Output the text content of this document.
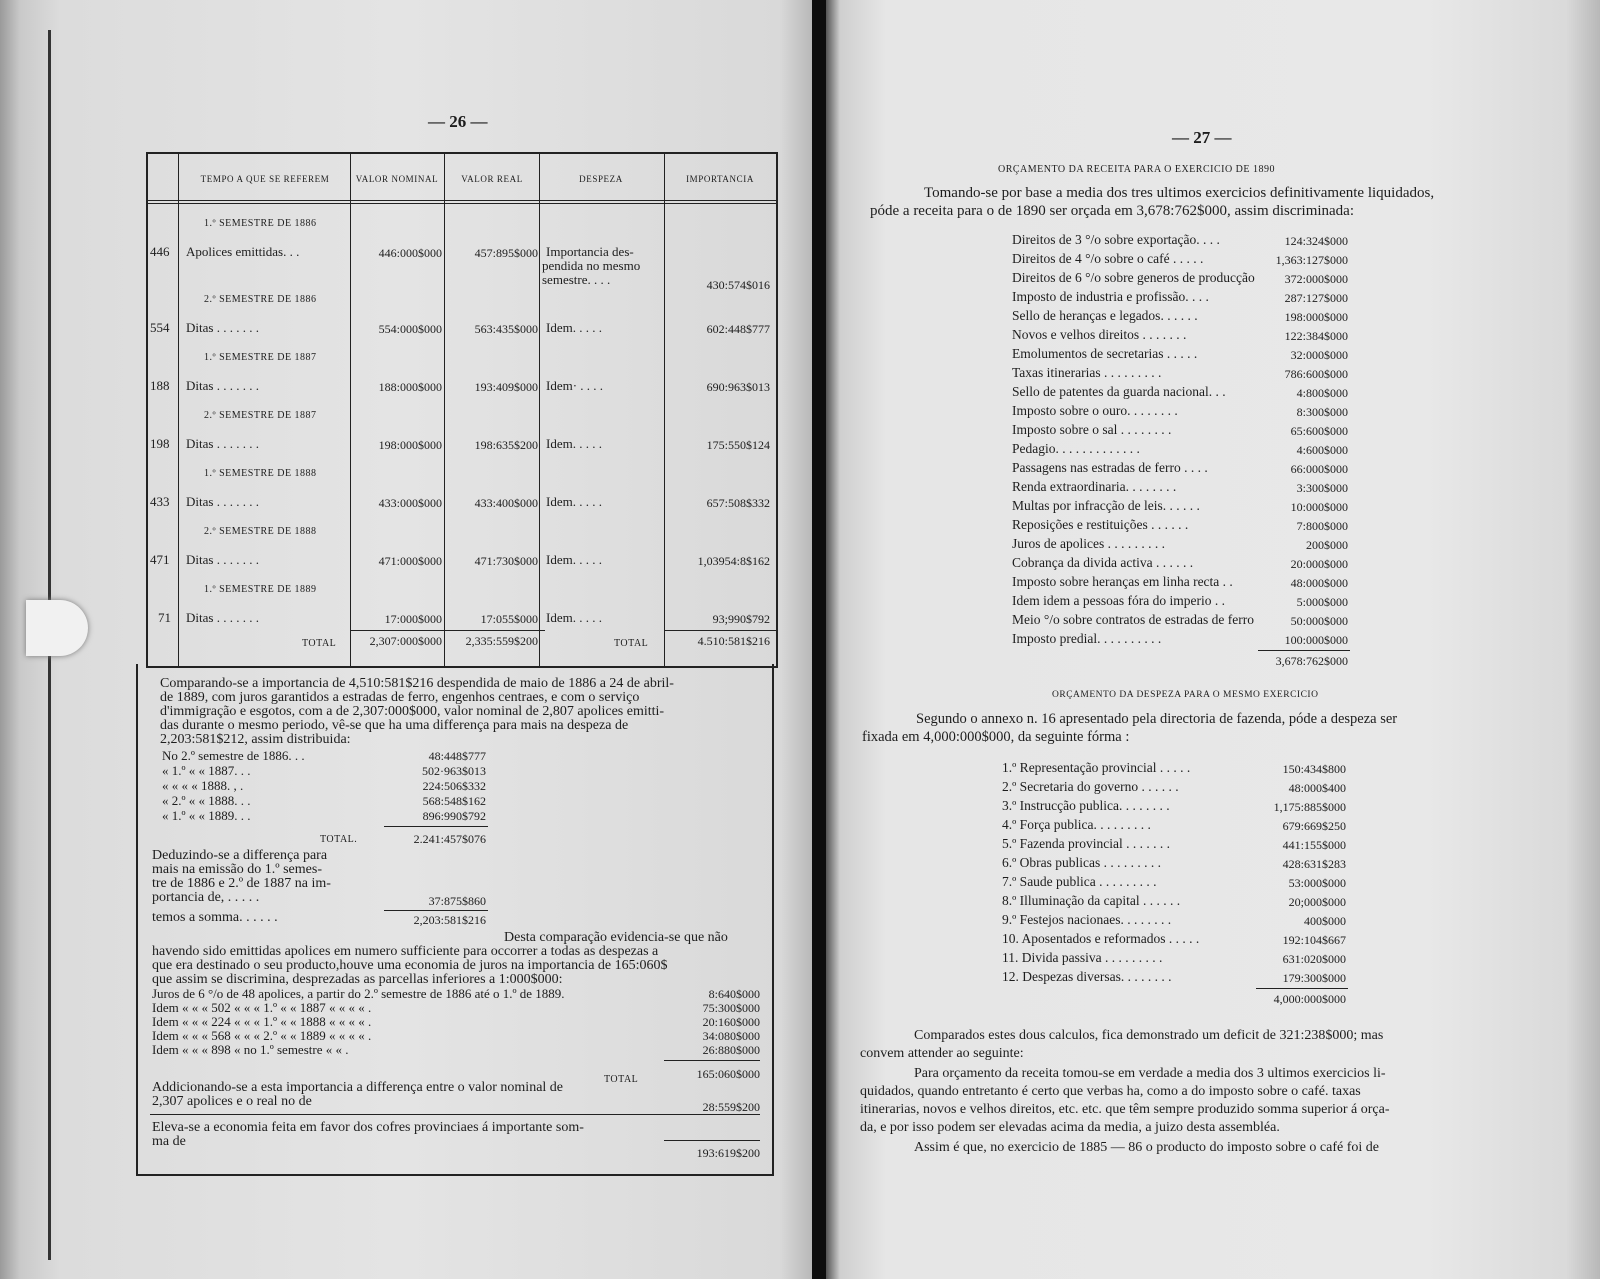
— 26 —
TEMPO A QUE SE REFEREM	VALOR NOMINAL	VALOR REAL	DESPEZA	IMPORTANCIA
1.º SEMESTRE DE 1886
446 Apolices emittidas. . .	446:000$000	457:895$000 Importancia des-
pendida no mesmo
semestre. . . .	430:574$016
2.º SEMESTRE DE 1886
554 Ditas . . . . . . .	554:000$000	563:435$000 Idem. . . . .	602:448$777
1.º SEMESTRE DE 1887
188 Ditas . . . . . . .	188:000$000	193:409$000 Idem· . . . .	690:963$013
2.º SEMESTRE DE 1887
198 Ditas . . . . . . .	198:000$000	198:635$200 Idem. . . . .	175:550$124
1.º SEMESTRE DE 1888
433 Ditas . . . . . . .	433:000$000	433:400$000 Idem. . . . .	657:508$332
2.º SEMESTRE DE 1888
471 Ditas . . . . . . .	471:000$000	471:730$000 Idem. . . . .	1,03954:8$162
1.º SEMESTRE DE 1889
71 Ditas . . . . . . .	17:000$000	17:055$000 Idem. . . . .	93;990$792
TOTAL	2,307:000$000	2,335:559$200	TOTAL	4.510:581$216
Comparando-se a importancia de 4,510:581$216 despendida de maio de 1886 a 24 de abril-
de 1889, com juros garantidos a estradas de ferro, engenhos centraes, e com o serviço
d'immigração e esgotos, com a de 2,307:000$000, valor nominal de 2,807 apolices emitti-
das durante o mesmo periodo, vê-se que ha uma differença para mais na despeza de
2,203:581$212, assim distribuida:
No 2.º semestre de 1886. . .	48:448$777
« 1.º « « 1887. . .	502·963$013
« « « « 1888. , .	224:506$332
« 2.º « « 1888. . .	568:548$162
« 1.º « « 1889. . .	896:990$792
TOTAL.	2.241:457$076
Deduzindo-se a differença para
mais na emissão do 1.º semes-
tre de 1886 e 2.º de 1887 na im-
portancia de, . . . . .	37:875$860
temos a somma. . . . . .	2,203:581$216
Desta comparação evidencia-se que não
havendo sido emittidas apolices em numero sufficiente para occorrer a todas as despezas a
que era destinado o seu producto,houve uma economia de juros na importancia de 165:060$
que assim se discrimina, desprezadas as parcellas inferiores a 1:000$000:
Juros de 6 °/o de 48 apolices, a partir do 2.º semestre de 1886 até o 1.º de 1889.	8:640$000
Idem « « « 502 « « « 1.º « « 1887 « « « « .	75:300$000
Idem « « « 224 « « « 1.º « « 1888 « « « « .	20:160$000
Idem « « « 568 « « « 2.º « « 1889 « « « « .	34:080$000
Idem « « « 898 « no 1.º semestre « « .	26:880$000
TOTAL	165:060$000
Addicionando-se a esta importancia a differença entre o valor nominal de
2,307 apolices e o real no de	28:559$200
Eleva-se a economia feita em favor dos cofres provinciaes á importante som-
ma de
193:619$200
— 27 —
ORÇAMENTO DA RECEITA PARA O EXERCICIO DE 1890
Tomando-se por base a media dos tres ultimos exercicios definitivamente liquidados,
póde a receita para o de 1890 ser orçada em 3,678:762$000, assim discriminada:
Direitos de 3 °/o sobre exportação. . . .	124:324$000
Direitos de 4 °/o sobre o café . . . . .	1,363:127$000
Direitos de 6 °/o sobre generos de producção	372:000$000
Imposto de industria e profissão. . . .	287:127$000
Sello de heranças e legados. . . . . .	198:000$000
Novos e velhos direitos . . . . . . .	122:384$000
Emolumentos de secretarias . . . . .	32:000$000
Taxas itinerarias . . . . . . . . .	786:600$000
Sello de patentes da guarda nacional. . .	4:800$000
Imposto sobre o ouro. . . . . . . .	8:300$000
Imposto sobre o sal . . . . . . . .	65:600$000
Pedagio. . . . . . . . . . . . .	4:600$000
Passagens nas estradas de ferro . . . .	66:000$000
Renda extraordinaria. . . . . . . .	3:300$000
Multas por infracção de leis. . . . . .	10:000$000
Reposições e restituições . . . . . .	7:800$000
Juros de apolices . . . . . . . . .	200$000
Cobrança da divida activa . . . . . .	20:000$000
Imposto sobre heranças em linha recta . .	48:000$000
Idem idem a pessoas fóra do imperio . .	5:000$000
Meio °/o sobre contratos de estradas de ferro	50:000$000
Imposto predial. . . . . . . . . .	100:000$000
3,678:762$000
ORÇAMENTO DA DESPEZA PARA O MESMO EXERCICIO
Segundo o annexo n. 16 apresentado pela directoria de fazenda, póde a despeza ser
fixada em 4,000:000$000, da seguinte fórma :
1.º Representação provincial . . . . .	150:434$800
2.º Secretaria do governo . . . . . .	48:000$400
3.º Instrucção publica. . . . . . . .	1,175:885$000
4.º Força publica. . . . . . . . .	679:669$250
5.º Fazenda provincial . . . . . . .	441:155$000
6.º Obras publicas . . . . . . . . .	428:631$283
7.º Saude publica . . . . . . . . .	53:000$000
8.º Illuminação da capital . . . . . .	20;000$000
9.º Festejos nacionaes. . . . . . . .	400$000
10. Aposentados e reformados . . . . .	192:104$667
11. Divida passiva . . . . . . . . .	631:020$000
12. Despezas diversas. . . . . . . .	179:300$000
4,000:000$000
Comparados estes dous calculos, fica demonstrado um deficit de 321:238$000; mas
convem attender ao seguinte:
Para orçamento da receita tomou-se em verdade a media dos 3 ultimos exercicios li-
quidados, quando entretanto é certo que verbas ha, como a do imposto sobre o café. taxas
itinerarias, novos e velhos direitos, etc. etc. que têm sempre produzido somma superior á orça-
da, e por isso podem ser elevadas acima da media, a juizo desta assembléa.
Assim é que, no exercicio de 1885 — 86 o producto do imposto sobre o café foi de
